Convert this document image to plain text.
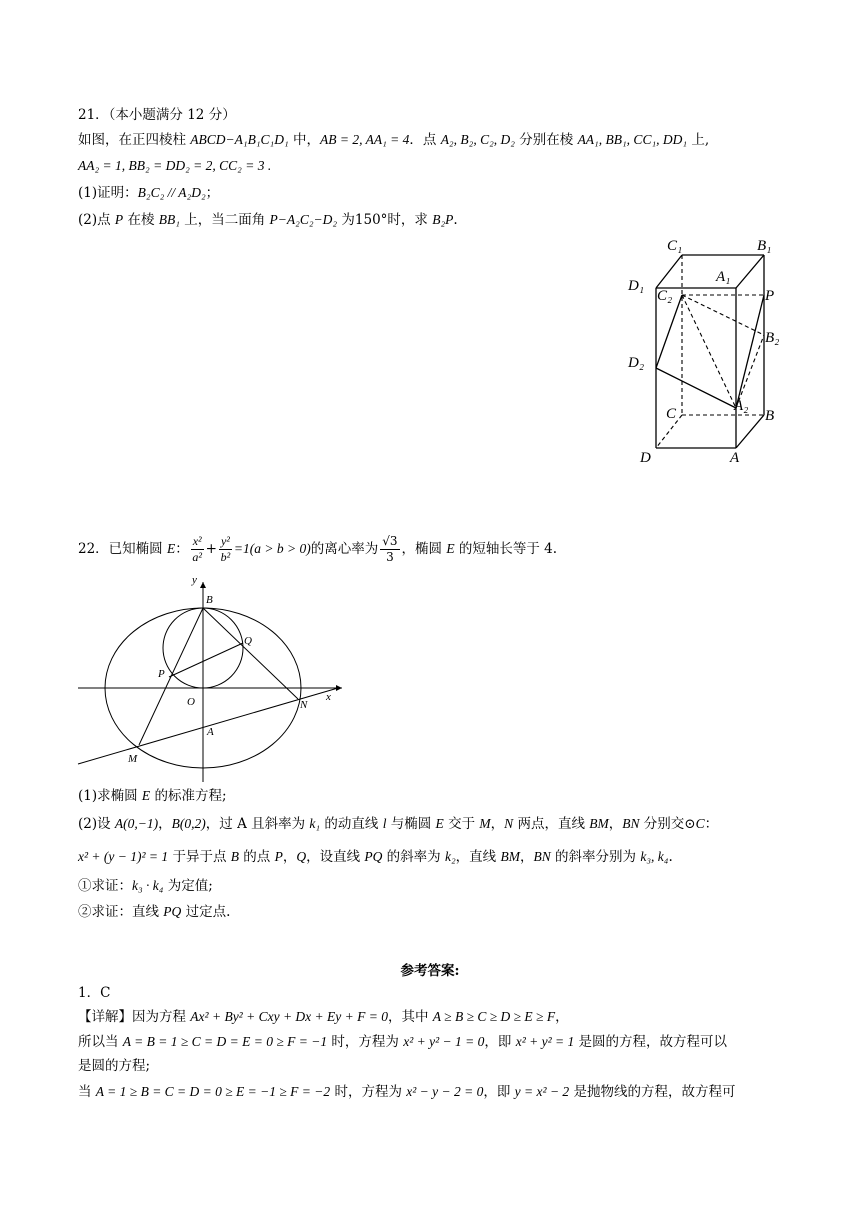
21．（本小题满分 12 分）
如图，在正四棱柱 ABCD−A₁B₁C₁D₁ 中，AB = 2, AA₁ = 4．点 A₂, B₂, C₂, D₂ 分别在棱 AA₁, BB₁, CC₁, DD₁ 上,
AA₂ = 1, BB₂ = DD₂ = 2, CC₂ = 3 .
(1)证明：B₂C₂ // A₂D₂；
(2)点 P 在棱 BB₁ 上，当二面角 P−A₂C₂−D₂ 为150°时，求 B₂P.
C₁	B₁
A₁
D₁
C₂	P
B₂
D₂
A₂
C	B
D	A
22．已知椭圆 E： $\frac{\text{x²}}{\text{a²}} + \frac{\text{y²}}{\text{b²}} =1(a > b > 0)$的离心率为 $\frac{√3}{3}$ ，椭圆 E 的短轴长等于 4.
y
B
Q
P
O	N
x
A
M
(1)求椭圆 E 的标准方程;
(2)设 A(0,−1)，B(0,2)，过 A 且斜率为 k₁ 的动直线 l 与椭圆 E 交于 M，N 两点，直线 BM，BN 分别交⊙C：
x² + (y − 1)² = 1 于异于点 B 的点 P，Q，设直线 PQ 的斜率为 k₂，直线 BM，BN 的斜率分别为 k₃, k₄.
①求证：k₃ · k₄ 为定值;
②求证：直线 PQ 过定点.
参考答案:
1．C
【详解】因为方程 Ax² + By² + Cxy + Dx + Ey + F = 0，其中 A ≥ B ≥ C ≥ D ≥ E ≥ F，
所以当 A = B = 1 ≥ C = D = E = 0 ≥ F = −1 时，方程为 x² + y² − 1 = 0，即 x² + y² = 1 是圆的方程，故方程可以
是圆的方程;
当 A = 1 ≥ B = C = D = 0 ≥ E = −1 ≥ F = −2 时，方程为 x² − y − 2 = 0，即 y = x² − 2 是抛物线的方程，故方程可
